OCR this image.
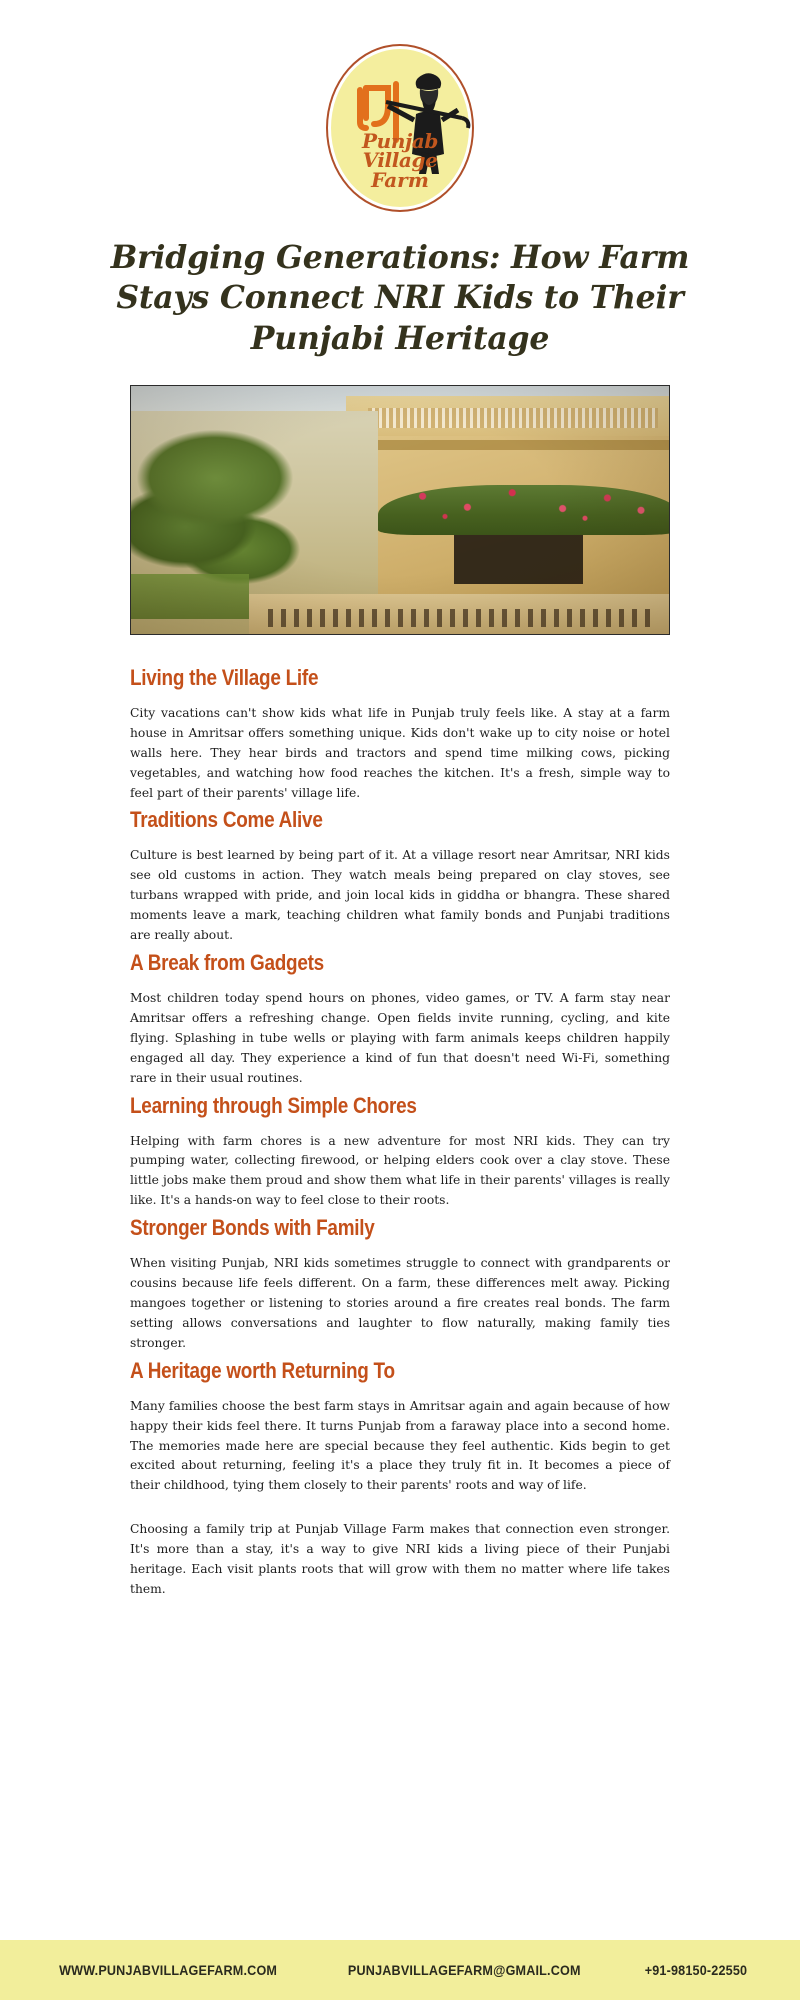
Punjab Village
Farm
Bridging Generations: How Farm Stays Connect NRI Kids to Their Punjabi Heritage
Living the Village Life

City vacations can't show kids what life in Punjab truly feels like. A stay at a farm house in Amritsar offers something unique. Kids don't wake up to city noise or hotel walls here. They hear birds and tractors and spend time milking cows, picking vegetables, and watching how food reaches the kitchen. It's a fresh, simple way to feel part of their parents' village life.

Traditions Come Alive

Culture is best learned by being part of it. At a village resort near Amritsar, NRI kids see old customs in action. They watch meals being prepared on clay stoves, see turbans wrapped with pride, and join local kids in giddha or bhangra. These shared moments leave a mark, teaching children what family bonds and Punjabi traditions are really about.

A Break from Gadgets

Most children today spend hours on phones, video games, or TV. A farm stay near Amritsar offers a refreshing change. Open fields invite running, cycling, and kite flying. Splashing in tube wells or playing with farm animals keeps children happily engaged all day. They experience a kind of fun that doesn't need Wi-Fi, something rare in their usual routines.

Learning through Simple Chores

Helping with farm chores is a new adventure for most NRI kids. They can try pumping water, collecting firewood, or helping elders cook over a clay stove. These little jobs make them proud and show them what life in their parents' villages is really like. It's a hands-on way to feel close to their roots.

Stronger Bonds with Family

When visiting Punjab, NRI kids sometimes struggle to connect with grandparents or cousins because life feels different. On a farm, these differences melt away. Picking mangoes together or listening to stories around a fire creates real bonds. The farm setting allows conversations and laughter to flow naturally, making family ties stronger.

A Heritage worth Returning To

Many families choose the best farm stays in Amritsar again and again because of how happy their kids feel there. It turns Punjab from a faraway place into a second home. The memories made here are special because they feel authentic. Kids begin to get excited about returning, feeling it's a place they truly fit in. It becomes a piece of their childhood, tying them closely to their parents' roots and way of life.

Choosing a family trip at Punjab Village Farm makes that connection even stronger. It's more than a stay, it's a way to give NRI kids a living piece of their Punjabi heritage. Each visit plants roots that will grow with them no matter where life takes them.

WWW.PUNJABVILLAGEFARM.COM	PUNJABVILLAGEFARM@GMAIL.COM	+91-98150-22550
